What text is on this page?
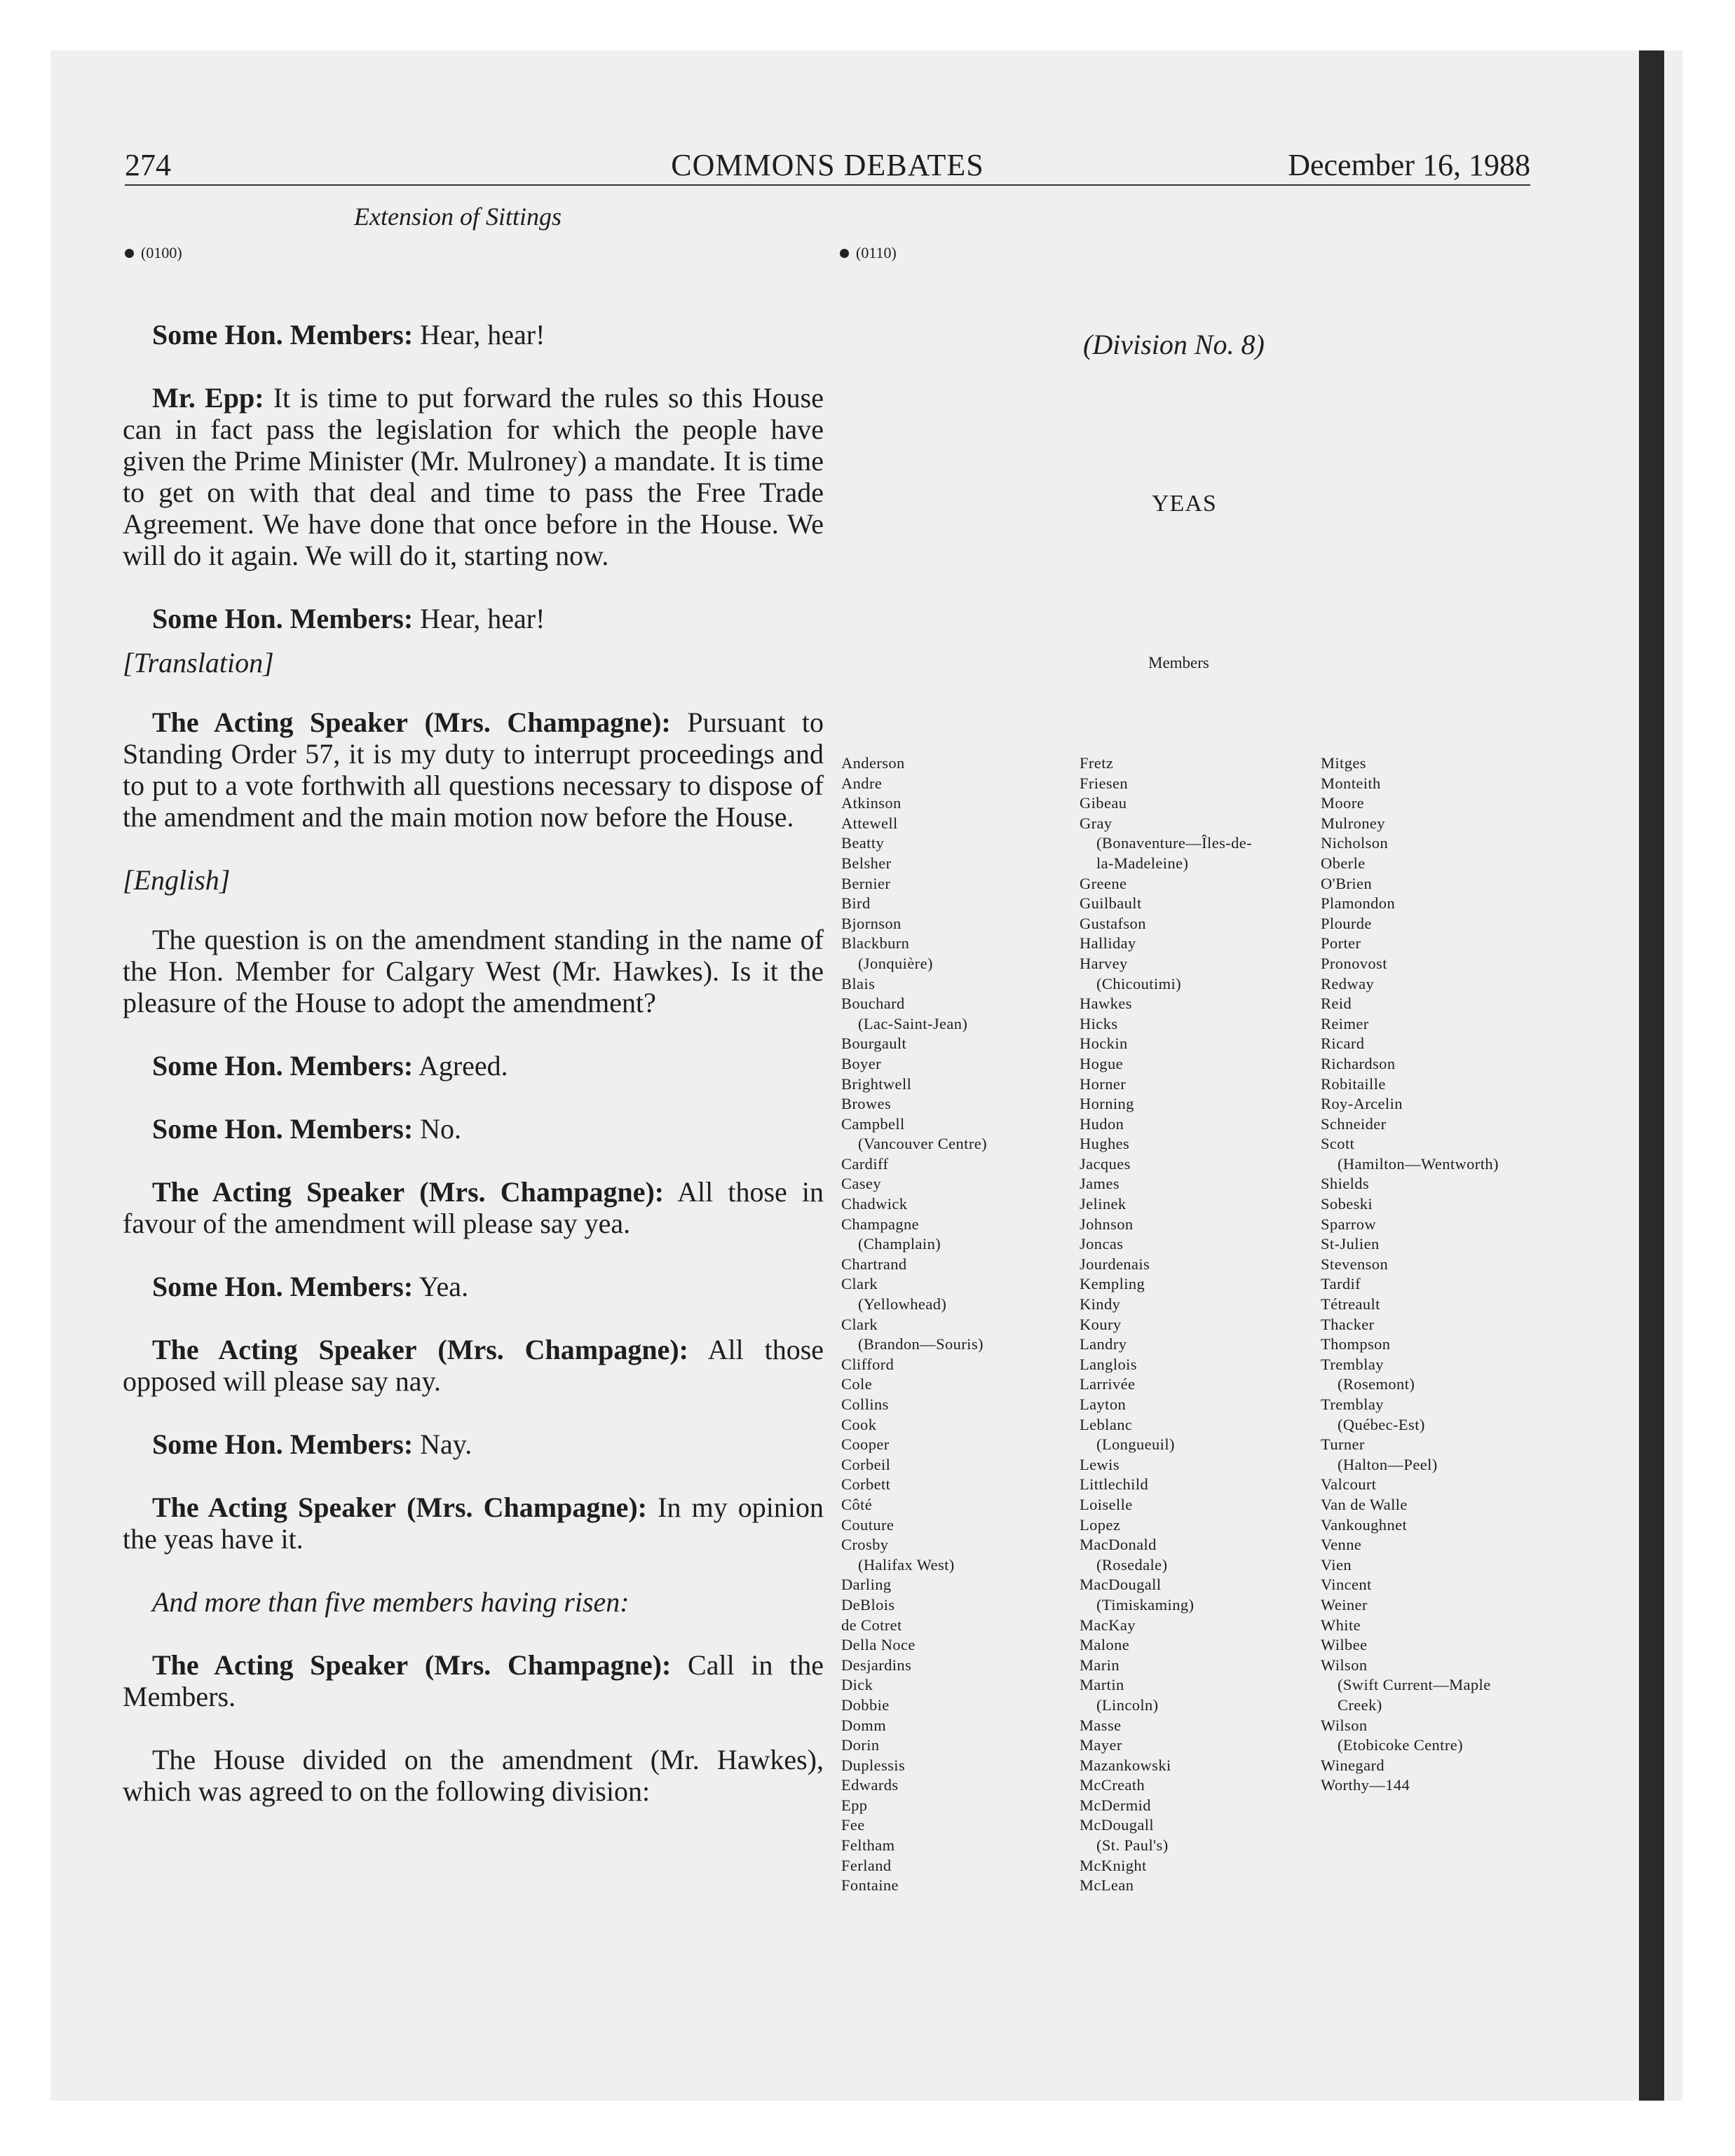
274	COMMONS DEBATES	December 16, 1988
Extension of Sittings
(0100)	(0110)

Some Hon. Members: Hear, hear!

Mr. Epp: It is time to put forward the rules so this House can in fact pass the legislation for which the people have given the Prime Minister (Mr. Mulroney) a mandate. It is time to get on with that deal and time to pass the Free Trade Agreement. We have done that once before in the House. We will do it again. We will do it, starting now.

Some Hon. Members: Hear, hear!

[Translation]

The Acting Speaker (Mrs. Champagne): Pursuant to Standing Order 57, it is my duty to interrupt proceedings and to put to a vote forthwith all questions necessary to dispose of the amendment and the main motion now before the House.

[English]

The question is on the amendment standing in the name of the Hon. Member for Calgary West (Mr. Hawkes). Is it the pleasure of the House to adopt the amendment?

Some Hon. Members: Agreed.

Some Hon. Members: No.

The Acting Speaker (Mrs. Champagne): All those in favour of the amendment will please say yea.

Some Hon. Members: Yea.

The Acting Speaker (Mrs. Champagne): All those opposed will please say nay.

Some Hon. Members: Nay.

The Acting Speaker (Mrs. Champagne): In my opinion the yeas have it.

And more than five members having risen:

The Acting Speaker (Mrs. Champagne): Call in the Members.

The House divided on the amendment (Mr. Hawkes), which was agreed to on the following division:

(Division No. 8)
YEAS
Members
Anderson
Andre
Atkinson
Attewell
Beatty
Belsher
Bernier
Bird
Bjornson
Blackburn
(Jonquière)
Blais
Bouchard
(Lac-Saint-Jean)
Bourgault
Boyer
Brightwell
Browes
Campbell
(Vancouver Centre)
Cardiff
Casey
Chadwick
Champagne
(Champlain)
Chartrand
Clark
(Yellowhead)
Clark
(Brandon—Souris)
Clifford
Cole
Collins
Cook
Cooper
Corbeil
Corbett
Côté
Couture
Crosby
(Halifax West)
Darling
DeBlois
de Cotret
Della Noce
Desjardins
Dick
Dobbie
Domm
Dorin
Duplessis
Edwards
Epp
Fee
Feltham
Ferland
Fontaine
Fretz
Friesen
Gibeau
Gray
(Bonaventure—Îles-de-
la-Madeleine)
Greene
Guilbault
Gustafson
Halliday
Harvey
(Chicoutimi)
Hawkes
Hicks
Hockin
Hogue
Horner
Horning
Hudon
Hughes
Jacques
James
Jelinek
Johnson
Joncas
Jourdenais
Kempling
Kindy
Koury
Landry
Langlois
Larrivée
Layton
Leblanc
(Longueuil)
Lewis
Littlechild
Loiselle
Lopez
MacDonald
(Rosedale)
MacDougall
(Timiskaming)
MacKay
Malone
Marin
Martin
(Lincoln)
Masse
Mayer
Mazankowski
McCreath
McDermid
McDougall
(St. Paul's)
McKnight
McLean
Mitges
Monteith
Moore
Mulroney
Nicholson
Oberle
O'Brien
Plamondon
Plourde
Porter
Pronovost
Redway
Reid
Reimer
Ricard
Richardson
Robitaille
Roy-Arcelin
Schneider
Scott
(Hamilton—Wentworth)
Shields
Sobeski
Sparrow
St-Julien
Stevenson
Tardif
Tétreault
Thacker
Thompson
Tremblay
(Rosemont)
Tremblay
(Québec-Est)
Turner
(Halton—Peel)
Valcourt
Van de Walle
Vankoughnet
Venne
Vien
Vincent
Weiner
White
Wilbee
Wilson
(Swift Current—Maple
Creek)
Wilson
(Etobicoke Centre)
Winegard
Worthy—144
